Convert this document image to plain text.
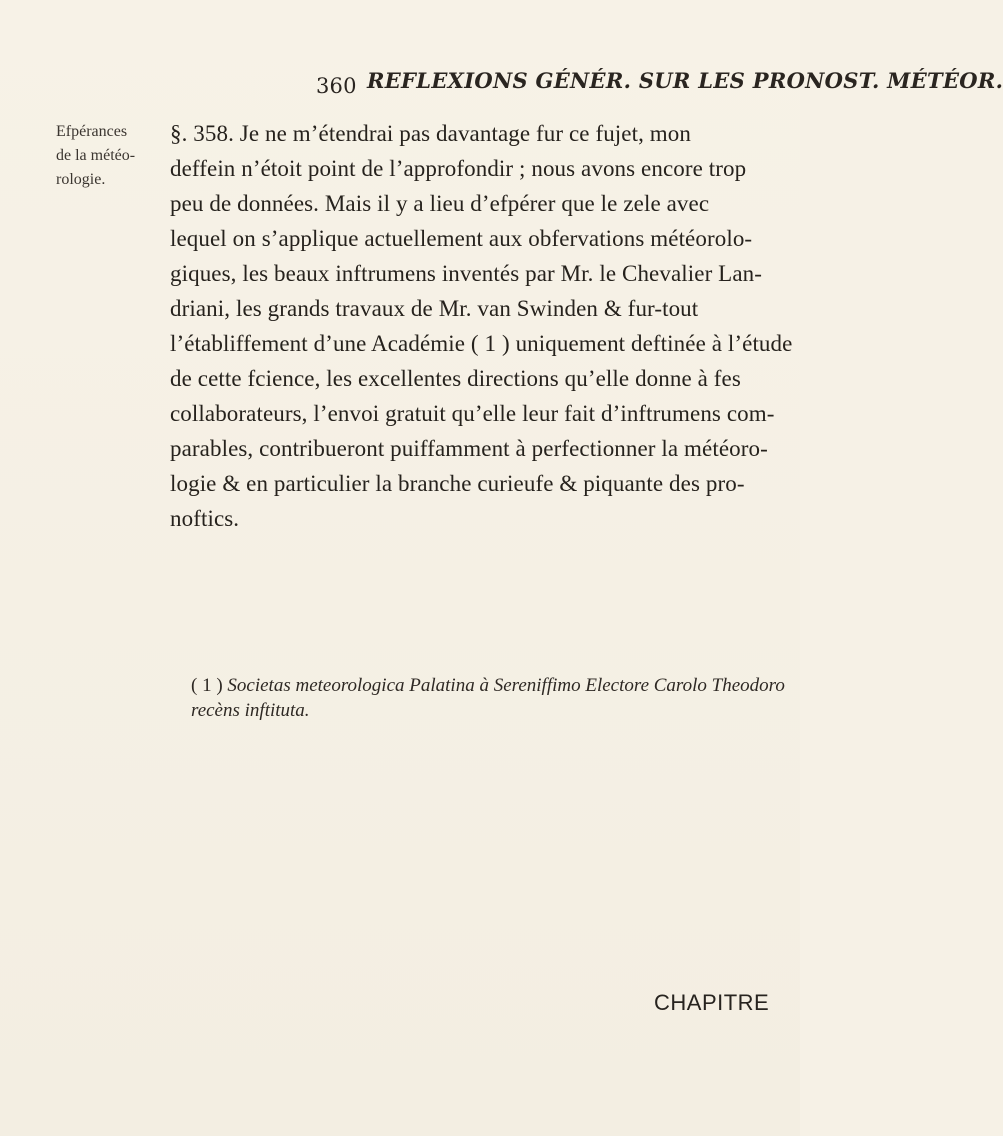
360 REFLEXIONS GÉNÉR. SUR LES PRONOST. MÉTÉOR.
Efpérances
de la météo-
rologie.
§. 358. Je ne m’étendrai pas davantage fur ce fujet, mon
deffein n’étoit point de l’approfondir ; nous avons encore trop
peu de données. Mais il y a lieu d’efpérer que le zele avec
lequel on s’applique actuellement aux obfervations météorolo-
giques, les beaux inftrumens inventés par Mr. le Chevalier Lan-
driani, les grands travaux de Mr. van Swinden & fur-tout
l’établiffement d’une Académie ( 1 ) uniquement deftinée à l’étude
de cette fcience, les excellentes directions qu’elle donne à fes
collaborateurs, l’envoi gratuit qu’elle leur fait d’inftrumens com-
parables, contribueront puiffamment à perfectionner la météoro-
logie & en particulier la branche curieufe & piquante des pro-
noftics.
( 1 ) Societas meteorologica Palatina à Sereniffimo Electore Carolo Theodoro
recèns inftituta.
CHAPITRE
